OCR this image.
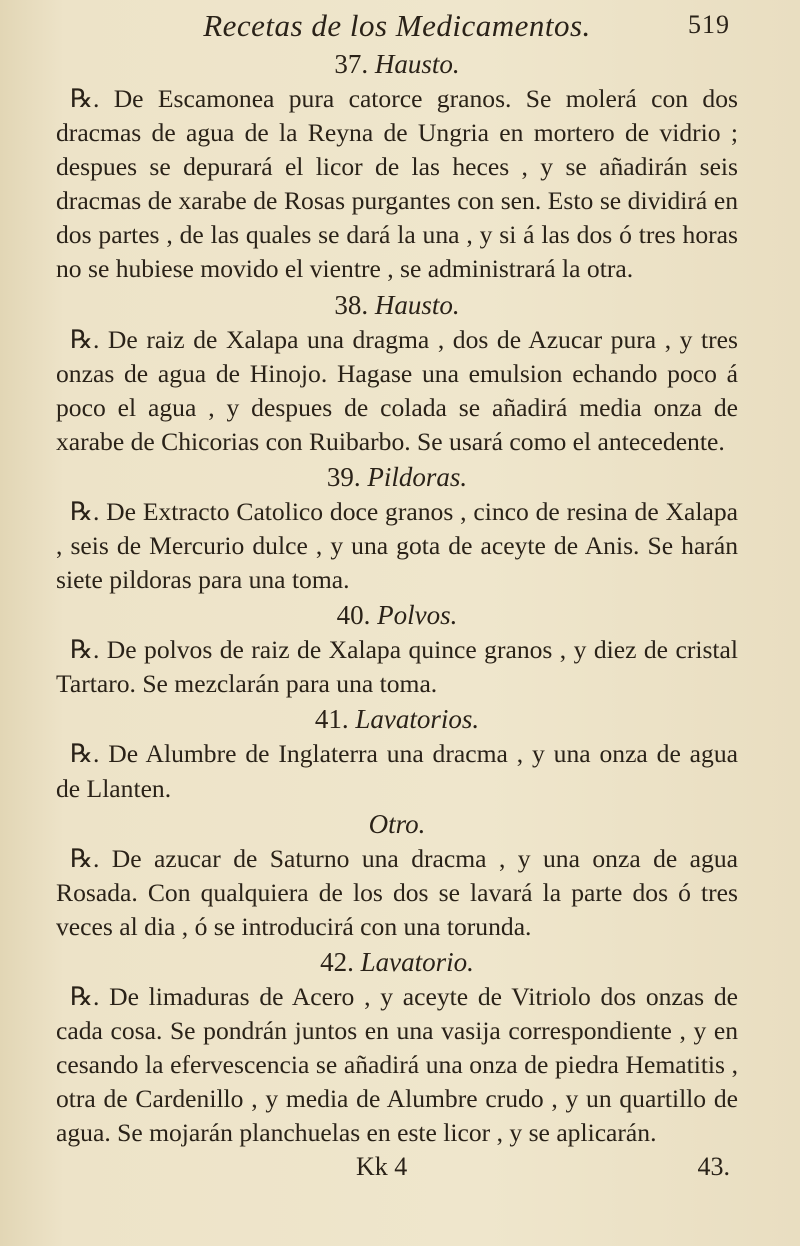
Recetas de los Medicamentos.	519
37. Hausto.

℞. De Escamonea pura catorce granos. Se molerá con dos dracmas de agua de la Reyna de Ungria en mortero de vidrio ; despues se depurará el licor de las heces , y se añadirán seis dracmas de xarabe de Rosas purgantes con sen. Esto se dividirá en dos partes , de las quales se dará la una , y si á las dos ó tres horas no se hubiese movido el vientre , se administrará la otra.

38. Hausto.

℞. De raiz de Xalapa una dragma , dos de Azucar pura , y tres onzas de agua de Hinojo. Hagase una emulsion echando poco á poco el agua , y despues de colada se añadirá media onza de xarabe de Chicorias con Ruibarbo. Se usará como el antecedente.

39. Pildoras.

℞. De Extracto Catolico doce granos , cinco de resina de Xalapa , seis de Mercurio dulce , y una gota de aceyte de Anis. Se harán siete pildoras para una toma.

40. Polvos.

℞. De polvos de raiz de Xalapa quince granos , y diez de cristal Tartaro. Se mezclarán para una toma.

41. Lavatorios.

℞. De Alumbre de Inglaterra una dracma , y una onza de agua de Llanten.

Otro.

℞. De azucar de Saturno una dracma , y una onza de agua Rosada. Con qualquiera de los dos se lavará la parte dos ó tres veces al dia , ó se introducirá con una torunda.

42. Lavatorio.

℞. De limaduras de Acero , y aceyte de Vitriolo dos onzas de cada cosa. Se pondrán juntos en una vasija correspondiente , y en cesando la efervescencia se añadirá una onza de piedra Hematitis , otra de Cardenillo , y media de Alumbre crudo , y un quartillo de agua. Se mojarán planchuelas en este licor , y se aplicarán.

Kk 4	43.
